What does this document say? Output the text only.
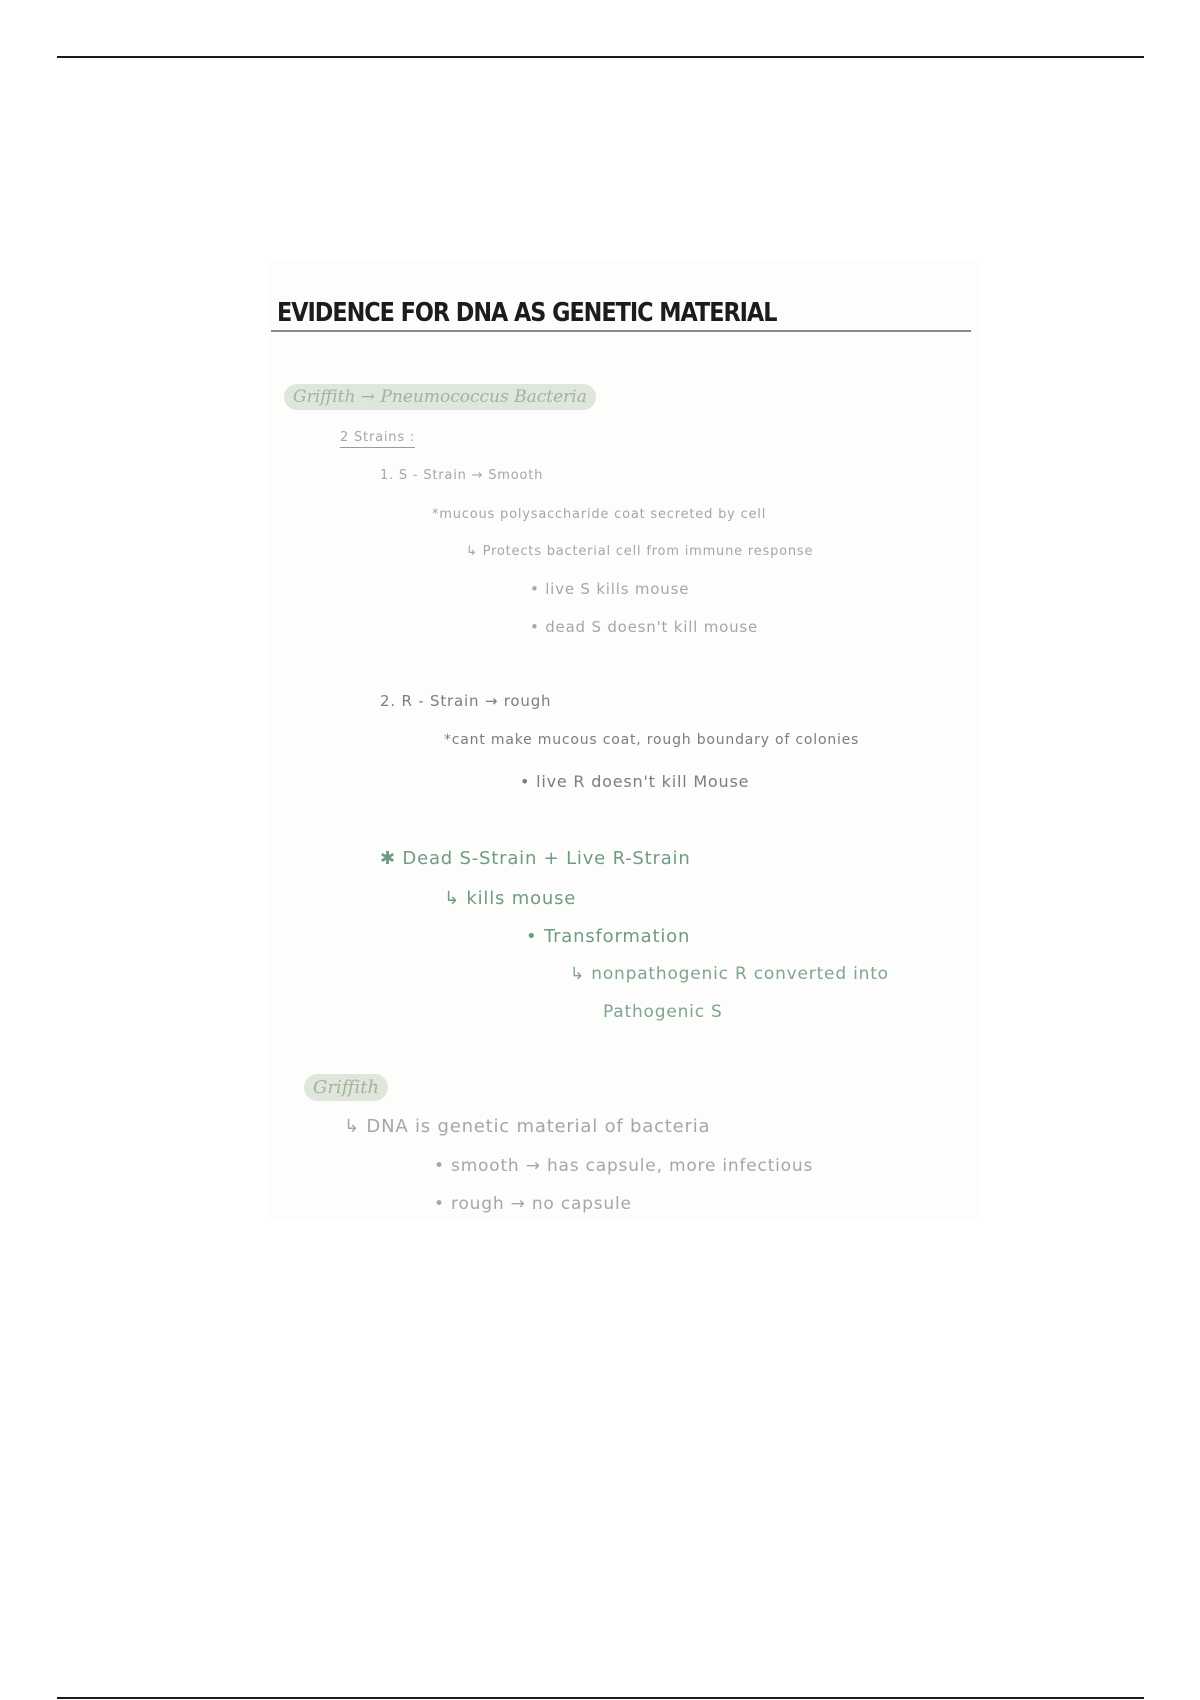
EVIDENCE FOR DNA AS GENETIC MATERIAL
Griffith → Pneumococcus Bacteria
2 Strains :
1. S - Strain → Smooth
*mucous polysaccharide coat secreted by cell
↳ Protects bacterial cell from immune response
• live S kills mouse
• dead S doesn't kill mouse
2. R - Strain → rough
*cant make mucous coat, rough boundary of colonies
• live R doesn't kill Mouse
✱ Dead S-Strain + Live R-Strain
↳ kills mouse
• Transformation
↳ nonpathogenic R converted into
Pathogenic S
Griffith
↳ DNA is genetic material of bacteria
• smooth → has capsule, more infectious
• rough → no capsule
